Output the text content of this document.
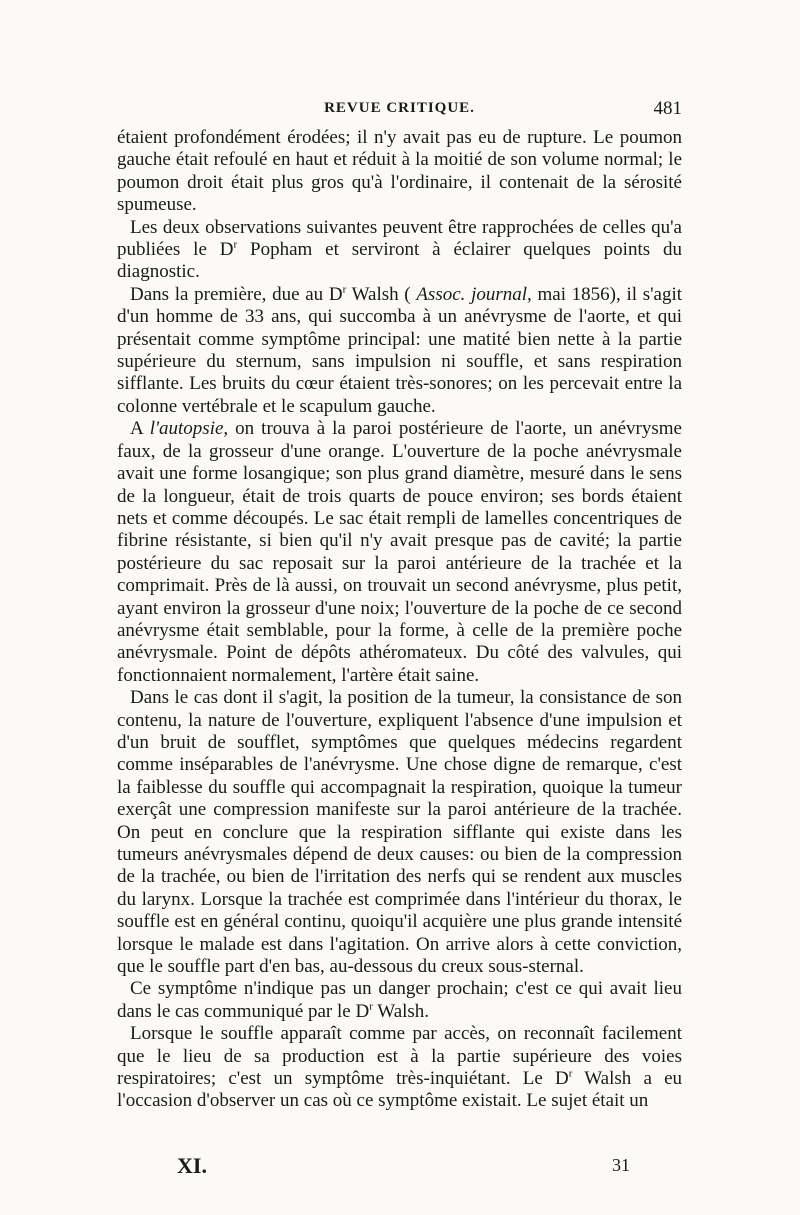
REVUE CRITIQUE.	481

étaient profondément érodées; il n'y avait pas eu de rupture. Le poumon gauche était refoulé en haut et réduit à la moitié de son volume normal; le poumon droit était plus gros qu'à l'ordinaire, il contenait de la sérosité spumeuse.

Les deux observations suivantes peuvent être rapprochées de celles qu'a publiées le $D^r$ Popham et serviront à éclairer quelques points du diagnostic.

Dans la première, due au $D^r$ Walsh ( Assoc. journal, mai 1856), il s'agit d'un homme de 33 ans, qui succomba à un anévrysme de l'aorte, et qui présentait comme symptôme principal: une matité bien nette à la partie supérieure du sternum, sans impulsion ni souffle, et sans respiration sifflante. Les bruits du cœur étaient très-sonores; on les percevait entre la colonne vertébrale et le scapulum gauche.

A l'autopsie, on trouva à la paroi postérieure de l'aorte, un anévrysme faux, de la grosseur d'une orange. L'ouverture de la poche anévrysmale avait une forme losangique; son plus grand diamètre, mesuré dans le sens de la longueur, était de trois quarts de pouce environ; ses bords étaient nets et comme découpés. Le sac était rempli de lamelles concentriques de fibrine résistante, si bien qu'il n'y avait presque pas de cavité; la partie postérieure du sac reposait sur la paroi antérieure de la trachée et la comprimait. Près de là aussi, on trouvait un second anévrysme, plus petit, ayant environ la grosseur d'une noix; l'ouverture de la poche de ce second anévrysme était semblable, pour la forme, à celle de la première poche anévrysmale. Point de dépôts athéromateux. Du côté des valvules, qui fonctionnaient normalement, l'artère était saine.

Dans le cas dont il s'agit, la position de la tumeur, la consistance de son contenu, la nature de l'ouverture, expliquent l'absence d'une impulsion et d'un bruit de soufflet, symptômes que quelques médecins regardent comme inséparables de l'anévrysme. Une chose digne de remarque, c'est la faiblesse du souffle qui accompagnait la respiration, quoique la tumeur exerçât une compression manifeste sur la paroi antérieure de la trachée. On peut en conclure que la respiration sifflante qui existe dans les tumeurs anévrysmales dépend de deux causes: ou bien de la compression de la trachée, ou bien de l'irritation des nerfs qui se rendent aux muscles du larynx. Lorsque la trachée est comprimée dans l'intérieur du thorax, le souffle est en général continu, quoiqu'il acquière une plus grande intensité lorsque le malade est dans l'agitation. On arrive alors à cette conviction, que le souffle part d'en bas, au-dessous du creux sous-sternal.

Ce symptôme n'indique pas un danger prochain; c'est ce qui avait lieu dans le cas communiqué par le $D^r$ Walsh.

Lorsque le souffle apparaît comme par accès, on reconnaît facilement que le lieu de sa production est à la partie supérieure des voies respiratoires; c'est un symptôme très-inquiétant. Le $D^r$ Walsh a eu l'occasion d'observer un cas où ce symptôme existait. Le sujet était un

XI.	31
